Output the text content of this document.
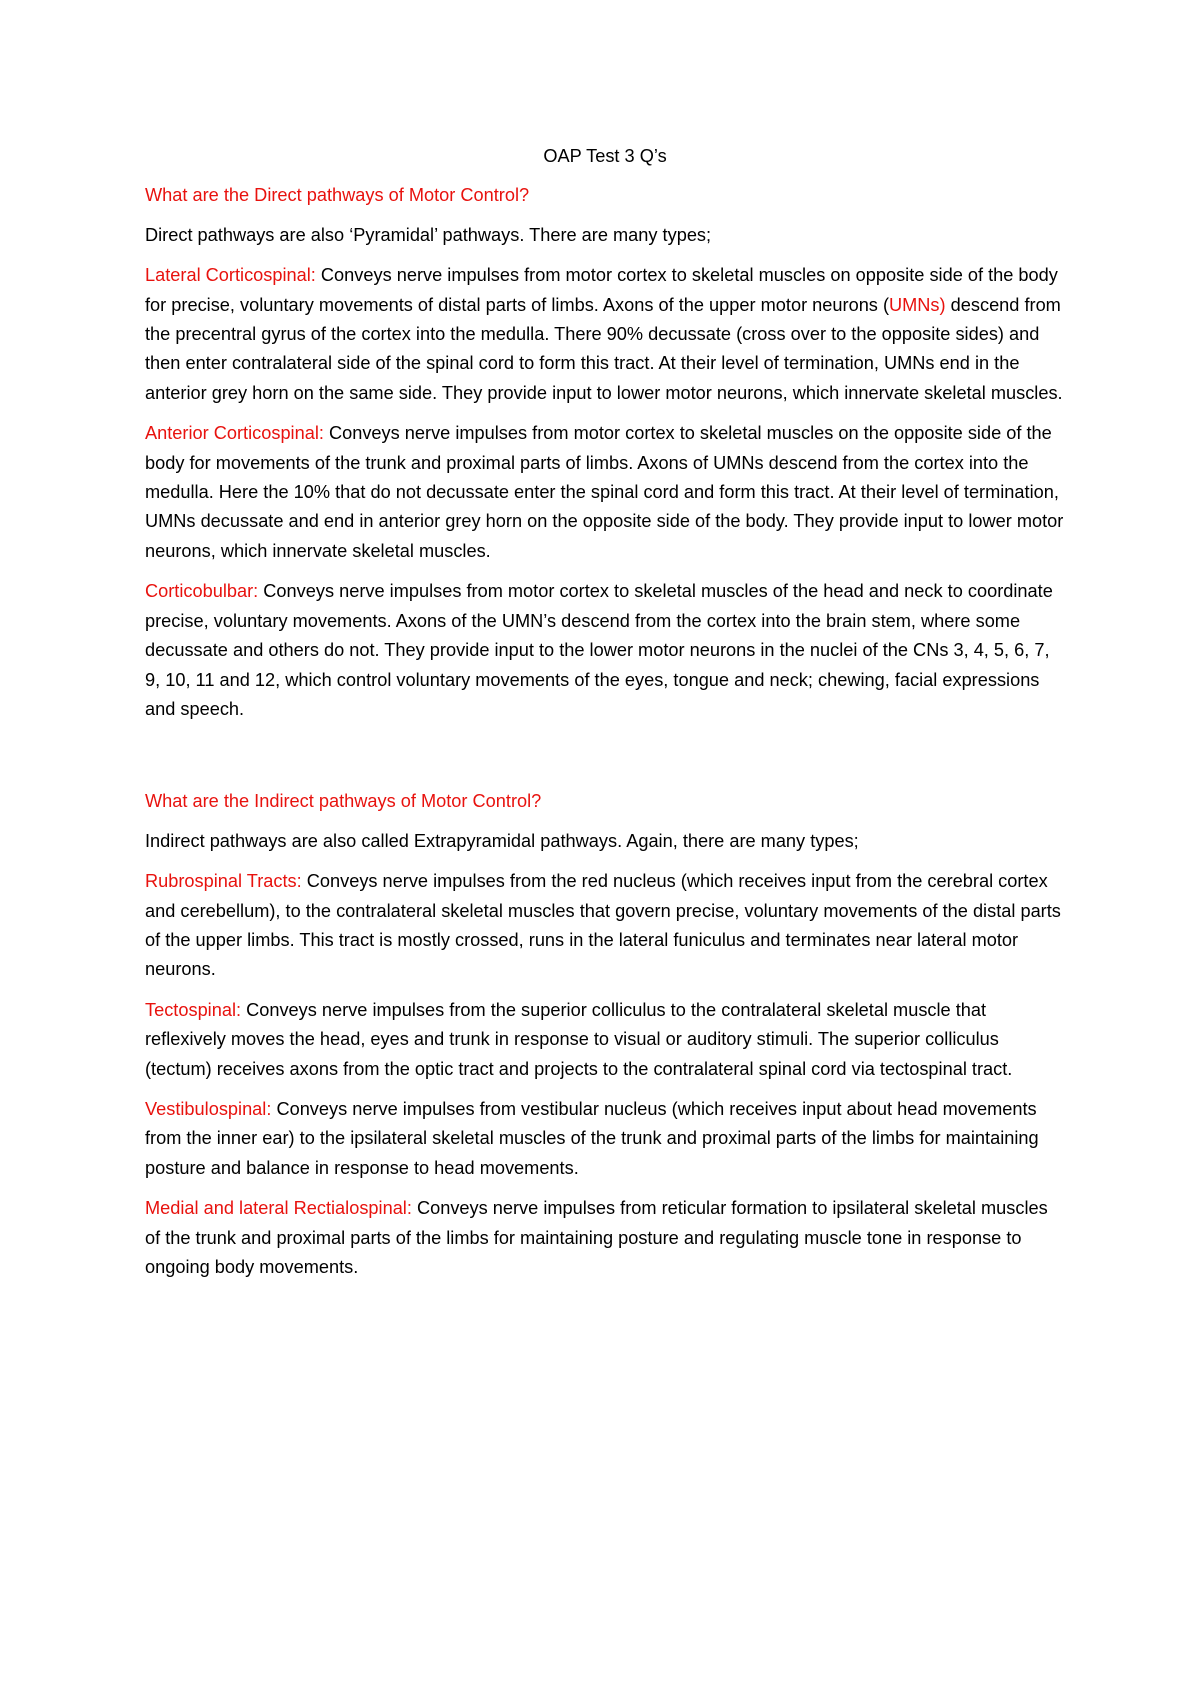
OAP Test 3 Q’s

What are the Direct pathways of Motor Control?

Direct pathways are also ‘Pyramidal’ pathways. There are many types;

Lateral Corticospinal: Conveys nerve impulses from motor cortex to skeletal muscles on opposite side of the body for precise, voluntary movements of distal parts of limbs. Axons of the upper motor neurons (UMNs) descend from the precentral gyrus of the cortex into the medulla. There 90% decussate (cross over to the opposite sides) and then enter contralateral side of the spinal cord to form this tract. At their level of termination, UMNs end in the anterior grey horn on the same side. They provide input to lower motor neurons, which innervate skeletal muscles.

Anterior Corticospinal: Conveys nerve impulses from motor cortex to skeletal muscles on the opposite side of the body for movements of the trunk and proximal parts of limbs. Axons of UMNs descend from the cortex into the medulla. Here the 10% that do not decussate enter the spinal cord and form this tract. At their level of termination, UMNs decussate and end in anterior grey horn on the opposite side of the body. They provide input to lower motor neurons, which innervate skeletal muscles.

Corticobulbar: Conveys nerve impulses from motor cortex to skeletal muscles of the head and neck to coordinate precise, voluntary movements. Axons of the UMN’s descend from the cortex into the brain stem, where some decussate and others do not. They provide input to the lower motor neurons in the nuclei of the CNs 3, 4, 5, 6, 7, 9, 10, 11 and 12, which control voluntary movements of the eyes, tongue and neck; chewing, facial expressions and speech.

What are the Indirect pathways of Motor Control?

Indirect pathways are also called Extrapyramidal pathways. Again, there are many types;

Rubrospinal Tracts: Conveys nerve impulses from the red nucleus (which receives input from the cerebral cortex and cerebellum), to the contralateral skeletal muscles that govern precise, voluntary movements of the distal parts of the upper limbs. This tract is mostly crossed, runs in the lateral funiculus and terminates near lateral motor neurons.

Tectospinal: Conveys nerve impulses from the superior colliculus to the contralateral skeletal muscle that reflexively moves the head, eyes and trunk in response to visual or auditory stimuli. The superior colliculus (tectum) receives axons from the optic tract and projects to the contralateral spinal cord via tectospinal tract.

Vestibulospinal: Conveys nerve impulses from vestibular nucleus (which receives input about head movements from the inner ear) to the ipsilateral skeletal muscles of the trunk and proximal parts of the limbs for maintaining posture and balance in response to head movements.

Medial and lateral Rectialospinal: Conveys nerve impulses from reticular formation to ipsilateral skeletal muscles of the trunk and proximal parts of the limbs for maintaining posture and regulating muscle tone in response to ongoing body movements.
